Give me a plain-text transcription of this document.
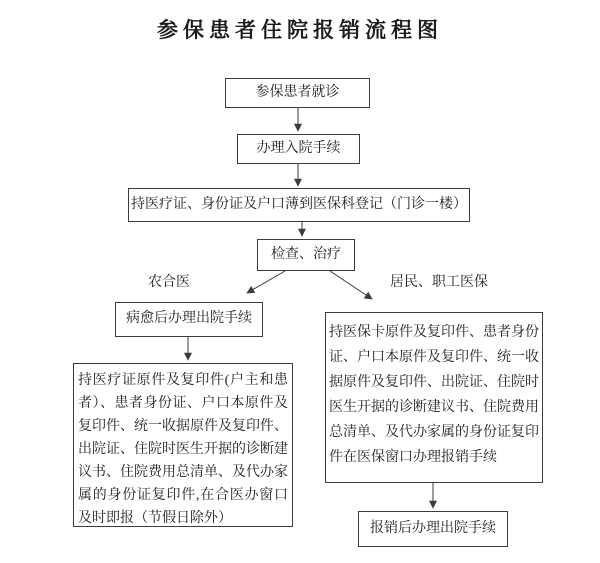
参保患者住院报销流程图
参保患者就诊
办理入院手续
持医疗证、身份证及户口薄到医保科登记（门诊一楼）
检查、治疗
农合医	居民、职工医保
病愈后办理出院手续
持医疗证原件及复印件(户主和患者）、患者身份证、户口本原件及复印件、统一收据原件及复印件、出院证、住院时医生开据的诊断建议书、住院费用总清单、及代办家属的身份证复印件,在合医办窗口及时即报（节假日除外）
持医保卡原件及复印件、患者身份证、户口本原件及复印件、统一收据原件及复印件、出院证、住院时医生开据的诊断建议书、住院费用总清单、及代办家属的身份证复印件在医保窗口办理报销手续
报销后办理出院手续
